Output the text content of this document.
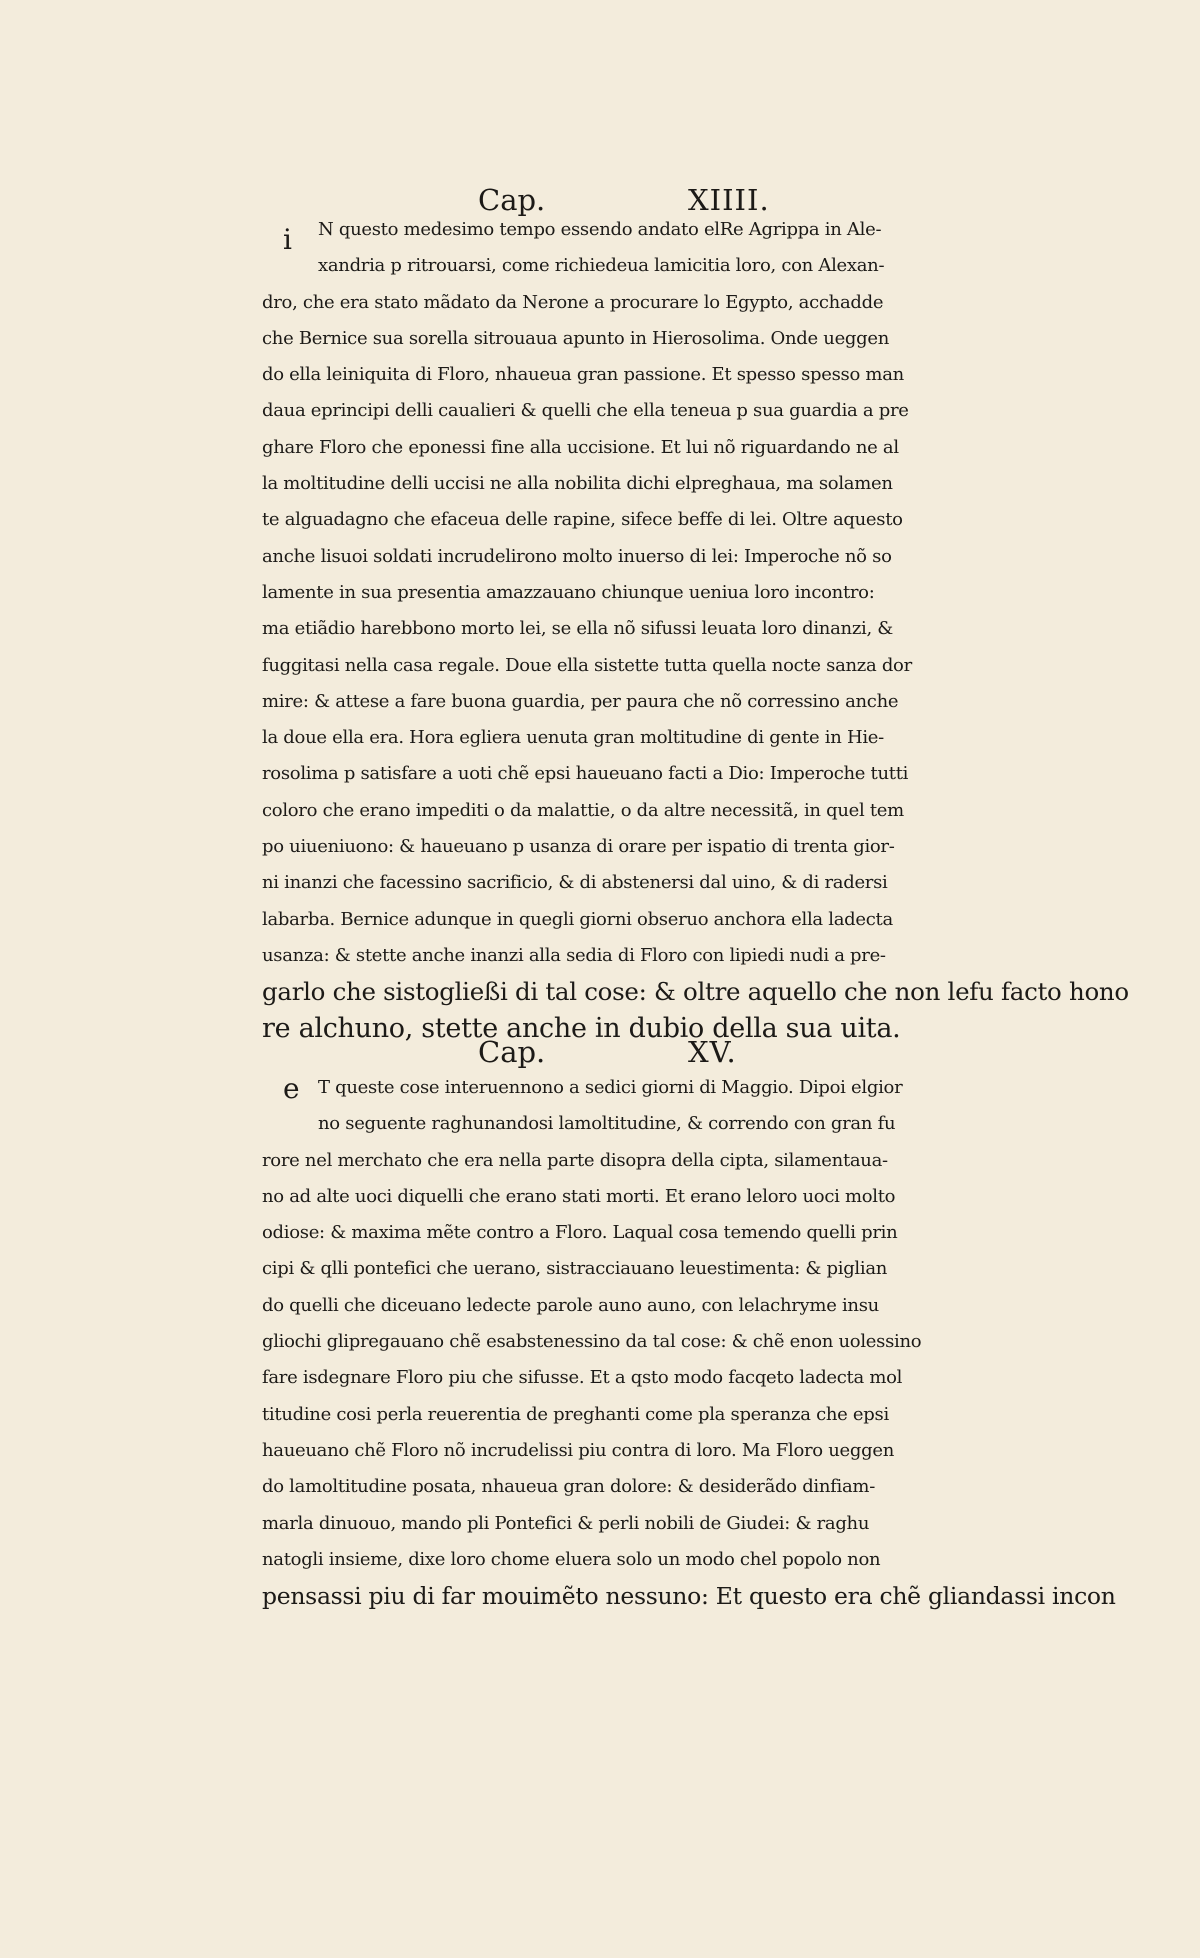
Cap.	XIIII.
i	N questo medesimo tempo essendo andato elRe Agrippa in Ale-
xandria p ritrouarsi, come richiedeua lamicitia loro, con Alexan-
dro, che era stato mãdato da Nerone a procurare lo Egypto, acchadde
che Bernice sua sorella sitrouaua apunto in Hierosolima. Onde ueggen
do ella leiniquita di Floro, nhaueua gran passione. Et spesso spesso man
daua eprincipi delli caualieri & quelli che ella teneua p sua guardia a pre
ghare Floro che eponessi fine alla uccisione. Et lui nõ riguardando ne al
la moltitudine delli uccisi ne alla nobilita dichi elpreghaua, ma solamen
te alguadagno che efaceua delle rapine, sifece beffe di lei. Oltre aquesto
anche lisuoi soldati incrudelirono molto inuerso di lei: Imperoche nõ so
lamente in sua presentia amazzauano chiunque ueniua loro incontro:
ma etiãdio harebbono morto lei, se ella nõ sifussi leuata loro dinanzi, &
fuggitasi nella casa regale. Doue ella sistette tutta quella nocte sanza dor
mire: & attese a fare buona guardia, per paura che nõ corressino anche
la doue ella era. Hora egliera uenuta gran moltitudine di gente in Hie-
rosolima p satisfare a uoti chẽ epsi haueuano facti a Dio: Imperoche tutti
coloro che erano impediti o da malattie, o da altre necessitã, in quel tem
po uiueniuono: & haueuano p usanza di orare per ispatio di trenta gior-
ni inanzi che facessino sacrificio, & di abstenersi dal uino, & di radersi
labarba. Bernice adunque in quegli giorni obseruo anchora ella ladecta
usanza: & stette anche inanzi alla sedia di Floro con lipiedi nudi a pre-
garlo che sistogließi di tal cose: & oltre aquello che non lefu facto hono
re alchuno, stette anche in dubio della sua uita.
Cap.	XV.
e	T queste cose interuennono a sedici giorni di Maggio. Dipoi elgior
no seguente raghunandosi lamoltitudine, & correndo con gran fu
rore nel merchato che era nella parte disopra della cipta, silamentaua-
no ad alte uoci diquelli che erano stati morti. Et erano leloro uoci molto
odiose: & maxima mẽte contro a Floro. Laqual cosa temendo quelli prin
cipi & qlli pontefici che uerano, sistracciauano leuestimenta: & piglian
do quelli che diceuano ledecte parole auno auno, con lelachryme insu
gliochi glipregauano chẽ esabstenessino da tal cose: & chẽ enon uolessino
fare isdegnare Floro piu che sifusse. Et a qsto modo facqeto ladecta mol
titudine cosi perla reuerentia de preghanti come pla speranza che epsi
haueuano chẽ Floro nõ incrudelissi piu contra di loro. Ma Floro ueggen
do lamoltitudine posata, nhaueua gran dolore: & desiderãdo dinfiam-
marla dinuouo, mando pli Pontefici & perli nobili de Giudei: & raghu
natogli insieme, dixe loro chome eluera solo un modo chel popolo non
pensassi piu di far mouimẽto nessuno: Et questo era chẽ gliandassi incon
